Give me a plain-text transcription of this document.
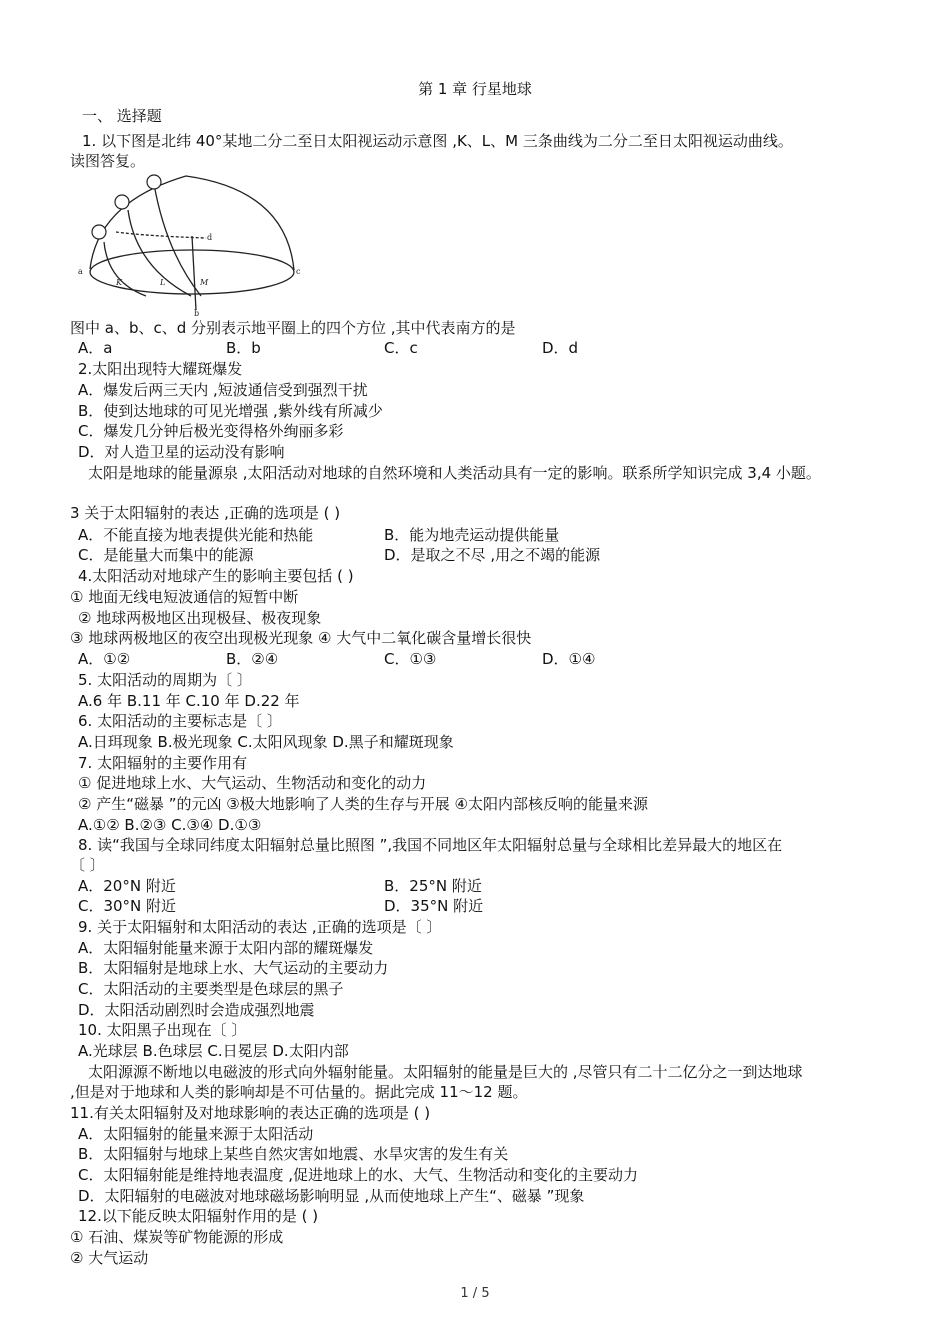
第 1 章 行星地球
一、 选择题
1. 以下图是北纬 40°某地二分二至日太阳视运动示意图 ,K、L、M 三条曲线为二分二至日太阳视运动曲线。
读图答复。
a
b
c
d
K	L	M
图中 a、b、c、d 分别表示地平圈上的四个方位 ,其中代表南方的是
A．a	B．b	C．c	D．d
2.太阳出现特大耀斑爆发
A．爆发后两三天内 ,短波通信受到强烈干扰
B．使到达地球的可见光增强 ,紫外线有所减少
C．爆发几分钟后极光变得格外绚丽多彩
D．对人造卫星的运动没有影响
太阳是地球的能量源泉 ,太阳活动对地球的自然环境和人类活动具有一定的影响。联系所学知识完成 3,4 小题。
3 关于太阳辐射的表达 ,正确的选项是 ( )
A．不能直接为地表提供光能和热能	B．能为地壳运动提供能量
C．是能量大而集中的能源	D．是取之不尽 ,用之不竭的能源
4.太阳活动对地球产生的影响主要包括 ( )
① 地面无线电短波通信的短暂中断
② 地球两极地区出现极昼、极夜现象
③ 地球两极地区的夜空出现极光现象 ④ 大气中二氧化碳含量增长很快
A．①②	B．②④	C．①③	D．①④
5. 太阳活动的周期为〔 〕
A.6 年 B.11 年 C.10 年 D.22 年
6. 太阳活动的主要标志是〔 〕
A.日珥现象 B.极光现象 C.太阳风现象 D.黑子和耀斑现象
7. 太阳辐射的主要作用有
① 促进地球上水、大气运动、生物活动和变化的动力
② 产生“磁暴 ”的元凶 ③极大地影响了人类的生存与开展 ④太阳内部核反响的能量来源
A.①② B.②③ C.③④ D.①③
8. 读“我国与全球同纬度太阳辐射总量比照图 ”,我国不同地区年太阳辐射总量与全球相比差异最大的地区在
〔 〕
A．20°N 附近	B．25°N 附近
C．30°N 附近	D．35°N 附近
9. 关于太阳辐射和太阳活动的表达 ,正确的选项是〔 〕
A．太阳辐射能量来源于太阳内部的耀斑爆发
B．太阳辐射是地球上水、大气运动的主要动力
C．太阳活动的主要类型是色球层的黑子
D．太阳活动剧烈时会造成强烈地震
10. 太阳黑子出现在〔 〕
A.光球层 B.色球层 C.日冕层 D.太阳内部
太阳源源不断地以电磁波的形式向外辐射能量。太阳辐射的能量是巨大的 ,尽管只有二十二亿分之一到达地球
,但是对于地球和人类的影响却是不可估量的。据此完成 11～12 题。
11.有关太阳辐射及对地球影响的表达正确的选项是 ( )
A．太阳辐射的能量来源于太阳活动
B．太阳辐射与地球上某些自然灾害如地震、水旱灾害的发生有关
C．太阳辐射能是维持地表温度 ,促进地球上的水、大气、生物活动和变化的主要动力
D．太阳辐射的电磁波对地球磁场影响明显 ,从而使地球上产生“、磁暴 ”现象
12.以下能反映太阳辐射作用的是 ( )
① 石油、煤炭等矿物能源的形成
② 大气运动
1 / 5
